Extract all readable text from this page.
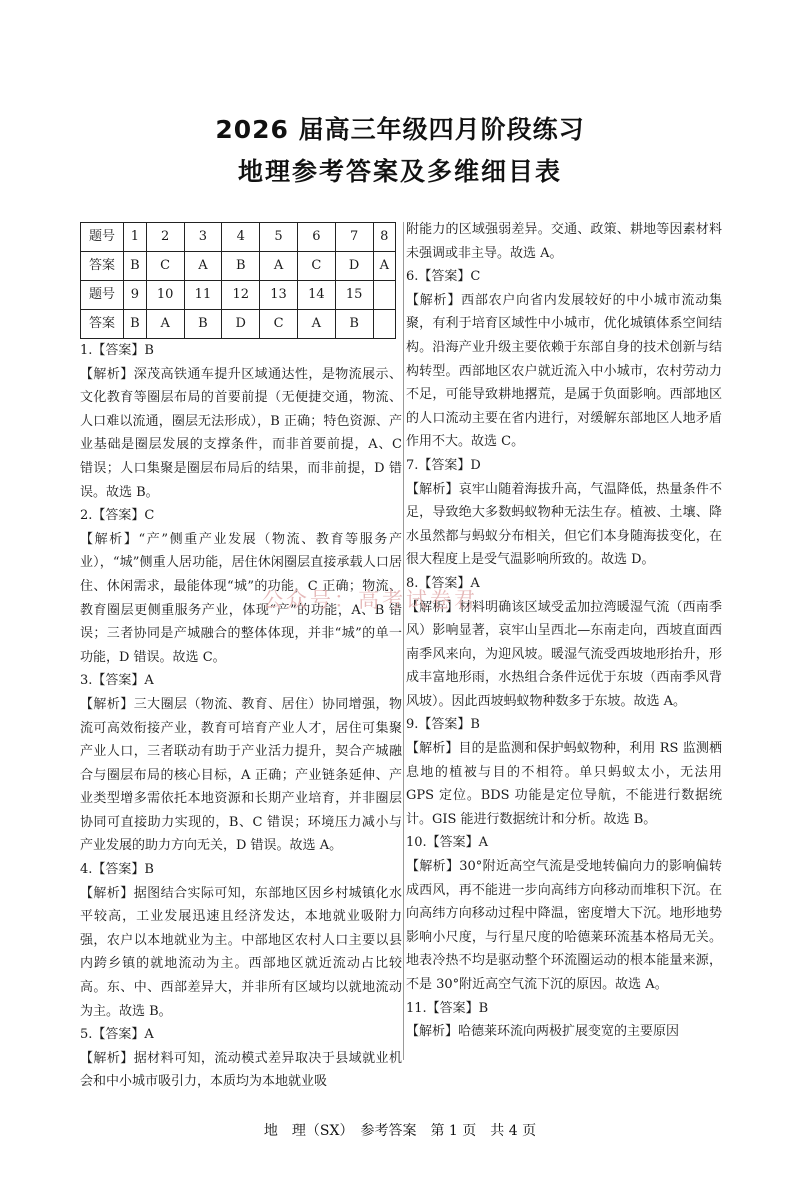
2026 届高三年级四月阶段练习
地理参考答案及多维细目表
题号	1	2	3	4	5	6	7	8
答案	B	C	A	B	A	C	D	A
题号	9	10	11	12	13	14	15	
答案	B	A	B	D	C	A	B	

1.【答案】B

【解析】深茂高铁通车提升区域通达性，是物流展示、文化教育等圈层布局的首要前提（无便捷交通，物流、人口难以流通，圈层无法形成），B 正确；特色资源、产业基础是圈层发展的支撑条件，而非首要前提，A、C 错误；人口集聚是圈层布局后的结果，而非前提，D 错误。故选 B。

2.【答案】C

【解析】“产”侧重产业发展（物流、教育等服务产业），“城”侧重人居功能，居住休闲圈层直接承载人口居住、休闲需求，最能体现“城”的功能，C 正确；物流、教育圈层更侧重服务产业，体现“产”的功能，A、B 错误；三者协同是产城融合的整体体现，并非“城”的单一功能，D 错误。故选 C。

3.【答案】A

【解析】三大圈层（物流、教育、居住）协同增强，物流可高效衔接产业，教育可培育产业人才，居住可集聚产业人口，三者联动有助于产业活力提升，契合产城融合与圈层布局的核心目标，A 正确；产业链条延伸、产业类型增多需依托本地资源和长期产业培育，并非圈层协同可直接助力实现的，B、C 错误；环境压力减小与产业发展的助力方向无关，D 错误。故选 A。

4.【答案】B

【解析】据图结合实际可知，东部地区因乡村城镇化水平较高，工业发展迅速且经济发达，本地就业吸附力强，农户以本地就业为主。中部地区农村人口主要以县内跨乡镇的就地流动为主。西部地区就近流动占比较高。东、中、西部差异大，并非所有区域均以就地流动为主。故选 B。

5.【答案】A

【解析】据材料可知，流动模式差异取决于县域就业机会和中小城市吸引力，本质均为本地就业吸

附能力的区域强弱差异。交通、政策、耕地等因素材料未强调或非主导。故选 A。

6.【答案】C

【解析】西部农户向省内发展较好的中小城市流动集聚，有利于培育区域性中小城市，优化城镇体系空间结构。沿海产业升级主要依赖于东部自身的技术创新与结构转型。西部地区农户就近流入中小城市，农村劳动力不足，可能导致耕地撂荒，是属于负面影响。西部地区的人口流动主要在省内进行，对缓解东部地区人地矛盾作用不大。故选 C。

7.【答案】D

【解析】哀牢山随着海拔升高，气温降低，热量条件不足，导致绝大多数蚂蚁物种无法生存。植被、土壤、降水虽然都与蚂蚁分布相关，但它们本身随海拔变化，在很大程度上是受气温影响所致的。故选 D。

8.【答案】A

【解析】材料明确该区域受孟加拉湾暖湿气流（西南季风）影响显著，哀牢山呈西北—东南走向，西坡直面西南季风来向，为迎风坡。暖湿气流受西坡地形抬升，形成丰富地形雨，水热组合条件远优于东坡（西南季风背风坡）。因此西坡蚂蚁物种数多于东坡。故选 A。

9.【答案】B

【解析】目的是监测和保护蚂蚁物种，利用 RS 监测栖息地的植被与目的不相符。单只蚂蚁太小，无法用 GPS 定位。BDS 功能是定位导航，不能进行数据统计。GIS 能进行数据统计和分析。故选 B。

10.【答案】A

【解析】30°附近高空气流是受地转偏向力的影响偏转成西风，再不能进一步向高纬方向移动而堆积下沉。在向高纬方向移动过程中降温，密度增大下沉。地形地势影响小尺度，与行星尺度的哈德莱环流基本格局无关。地表冷热不均是驱动整个环流圈运动的根本能量来源，不是 30°附近高空气流下沉的原因。故选 A。

11.【答案】B

【解析】哈德莱环流向两极扩展变宽的主要原因

公众号：高考试卷君
地　理（SX）　参考答案　第 1 页　共 4 页
